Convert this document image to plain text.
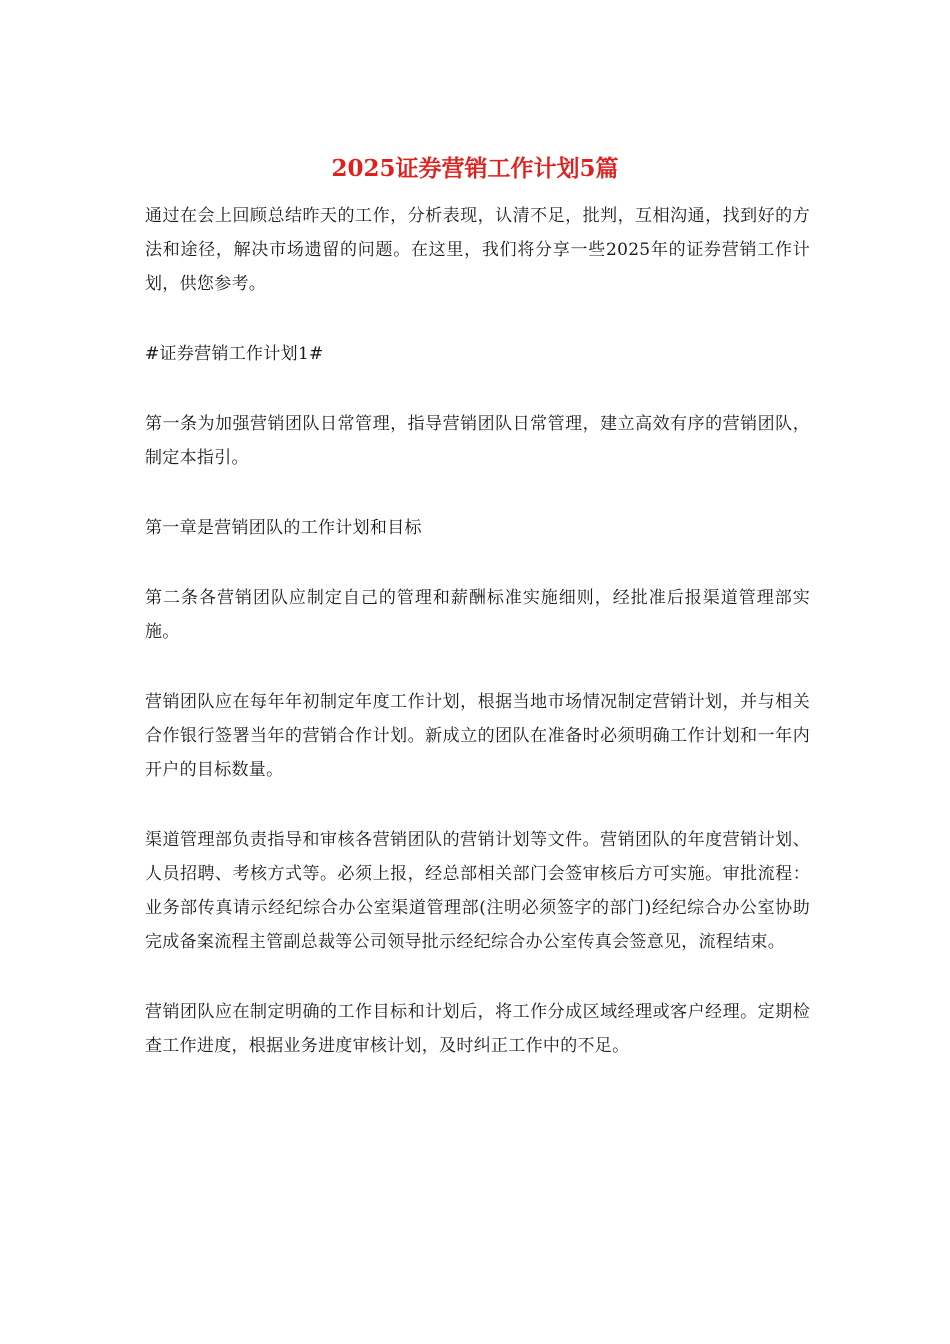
2025证券营销工作计划5篇

通过在会上回顾总结昨天的工作，分析表现，认清不足，批判，互相沟通，找到好的方法和途径，解决市场遗留的问题。在这里，我们将分享一些2025年的证券营销工作计划，供您参考。

#证券营销工作计划1#

第一条为加强营销团队日常管理，指导营销团队日常管理，建立高效有序的营销团队，制定本指引。

第一章是营销团队的工作计划和目标

第二条各营销团队应制定自己的管理和薪酬标准实施细则，经批准后报渠道管理部实施。

营销团队应在每年年初制定年度工作计划，根据当地市场情况制定营销计划，并与相关合作银行签署当年的营销合作计划。新成立的团队在准备时必须明确工作计划和一年内开户的目标数量。

渠道管理部负责指导和审核各营销团队的营销计划等文件。营销团队的年度营销计划、人员招聘、考核方式等。必须上报，经总部相关部门会签审核后方可实施。审批流程：业务部传真请示经纪综合办公室渠道管理部(注明必须签字的部门)经纪综合办公室协助完成备案流程主管副总裁等公司领导批示经纪综合办公室传真会签意见，流程结束。

营销团队应在制定明确的工作目标和计划后，将工作分成区域经理或客户经理。定期检查工作进度，根据业务进度审核计划，及时纠正工作中的不足。
